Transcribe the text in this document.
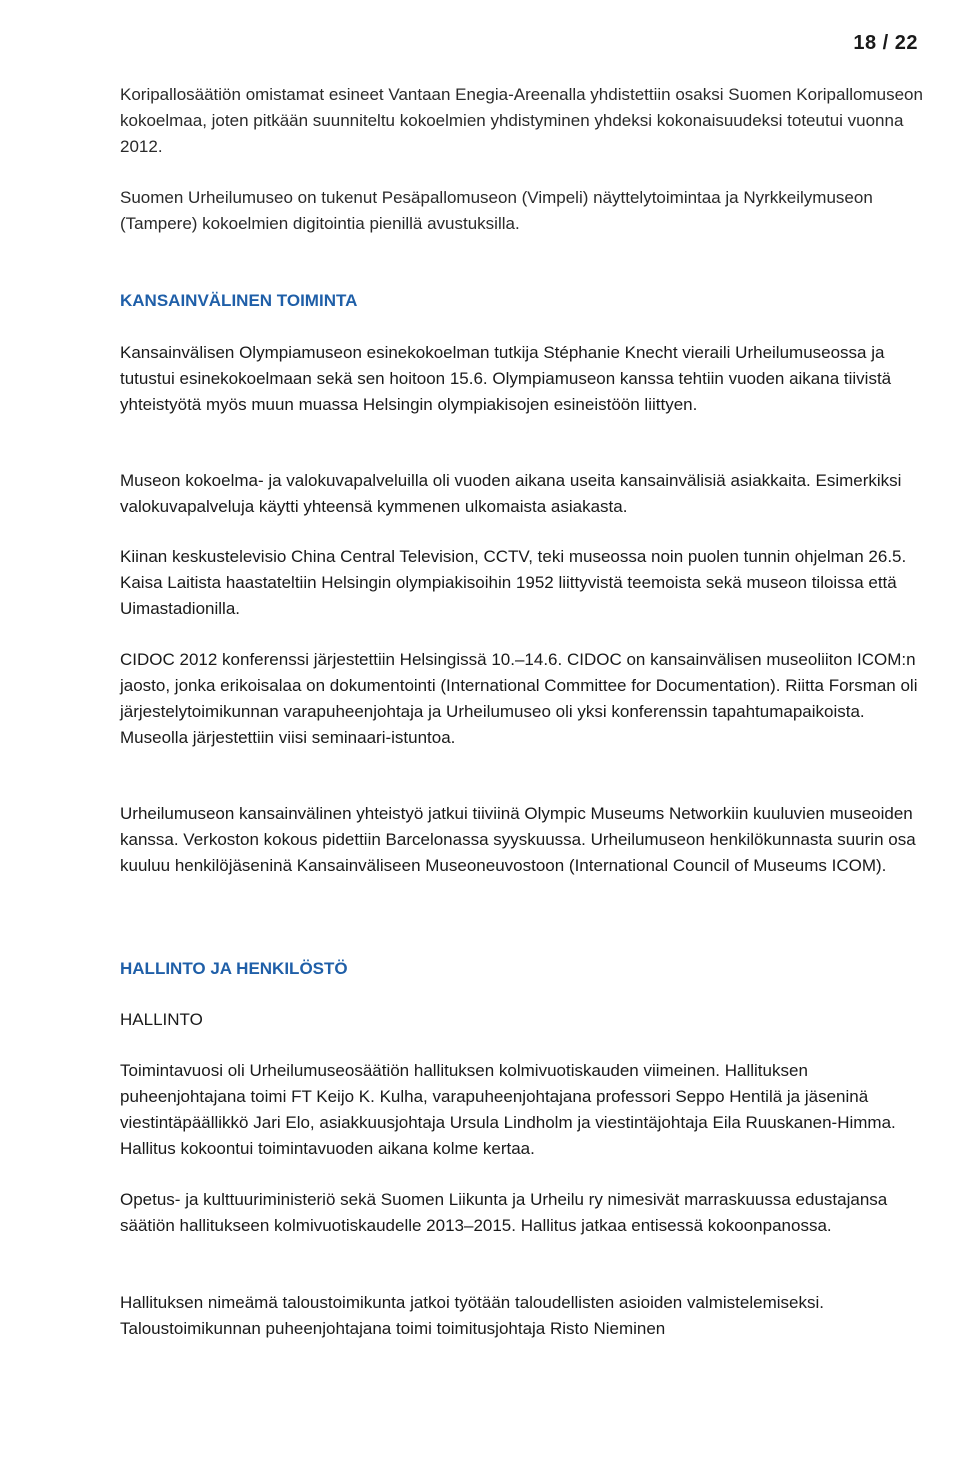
18 / 22

Koripallosäätiön omistamat esineet Vantaan Enegia-Areenalla yhdistettiin osaksi Suomen Koripallomuseon kokoelmaa, joten pitkään suunniteltu kokoelmien yhdistyminen yhdeksi kokonaisuudeksi toteutui vuonna 2012.

Suomen Urheilumuseo on tukenut Pesäpallomuseon (Vimpeli) näyttelytoimintaa ja Nyrkkeilymuseon (Tampere) kokoelmien digitointia pienillä avustuksilla.

KANSAINVÄLINEN TOIMINTA

Kansainvälisen Olympiamuseon esinekokoelman tutkija Stéphanie Knecht vieraili Urheilumuseossa ja tutustui esinekokoelmaan sekä sen hoitoon 15.6. Olympiamuseon kanssa tehtiin vuoden aikana tiivistä yhteistyötä myös muun muassa Helsingin olympiakisojen esineistöön liittyen.

Museon kokoelma- ja valokuvapalveluilla oli vuoden aikana useita kansainvälisiä asiakkaita. Esimerkiksi valokuvapalveluja käytti yhteensä kymmenen ulkomaista asiakasta.

Kiinan keskustelevisio China Central Television, CCTV, teki museossa noin puolen tunnin ohjelman 26.5. Kaisa Laitista haastateltiin Helsingin olympiakisoihin 1952 liittyvistä teemoista sekä museon tiloissa että Uimastadionilla.

CIDOC 2012 konferenssi järjestettiin Helsingissä 10.–14.6. CIDOC on kansainvälisen museoliiton ICOM:n jaosto, jonka erikoisalaa on dokumentointi (International Committee for Documentation). Riitta Forsman oli järjestelytoimikunnan varapuheenjohtaja ja Urheilumuseo oli yksi konferenssin tapahtumapaikoista. Museolla järjestettiin viisi seminaari-istuntoa.

Urheilumuseon kansainvälinen yhteistyö jatkui tiiviinä Olympic Museums Networkiin kuuluvien museoiden kanssa. Verkoston kokous pidettiin Barcelonassa syyskuussa. Urheilumuseon henkilökunnasta suurin osa kuuluu henkilöjäseninä Kansainväliseen Museoneuvostoon (International Council of Museums ICOM).

HALLINTO JA HENKILÖSTÖ
HALLINTO

Toimintavuosi oli Urheilumuseosäätiön hallituksen kolmivuotiskauden viimeinen. Hallituksen puheenjohtajana toimi FT Keijo K. Kulha, varapuheenjohtajana professori Seppo Hentilä ja jäseninä viestintäpäällikkö Jari Elo, asiakkuusjohtaja Ursula Lindholm ja viestintäjohtaja Eila Ruuskanen-Himma. Hallitus kokoontui toimintavuoden aikana kolme kertaa.

Opetus- ja kulttuuriministeriö sekä Suomen Liikunta ja Urheilu ry nimesivät marraskuussa edustajansa säätiön hallitukseen kolmivuotiskaudelle 2013–2015. Hallitus jatkaa entisessä kokoonpanossa.

Hallituksen nimeämä taloustoimikunta jatkoi työtään taloudellisten asioiden valmistelemiseksi. Taloustoimikunnan puheenjohtajana toimi toimitusjohtaja Risto Nieminen
